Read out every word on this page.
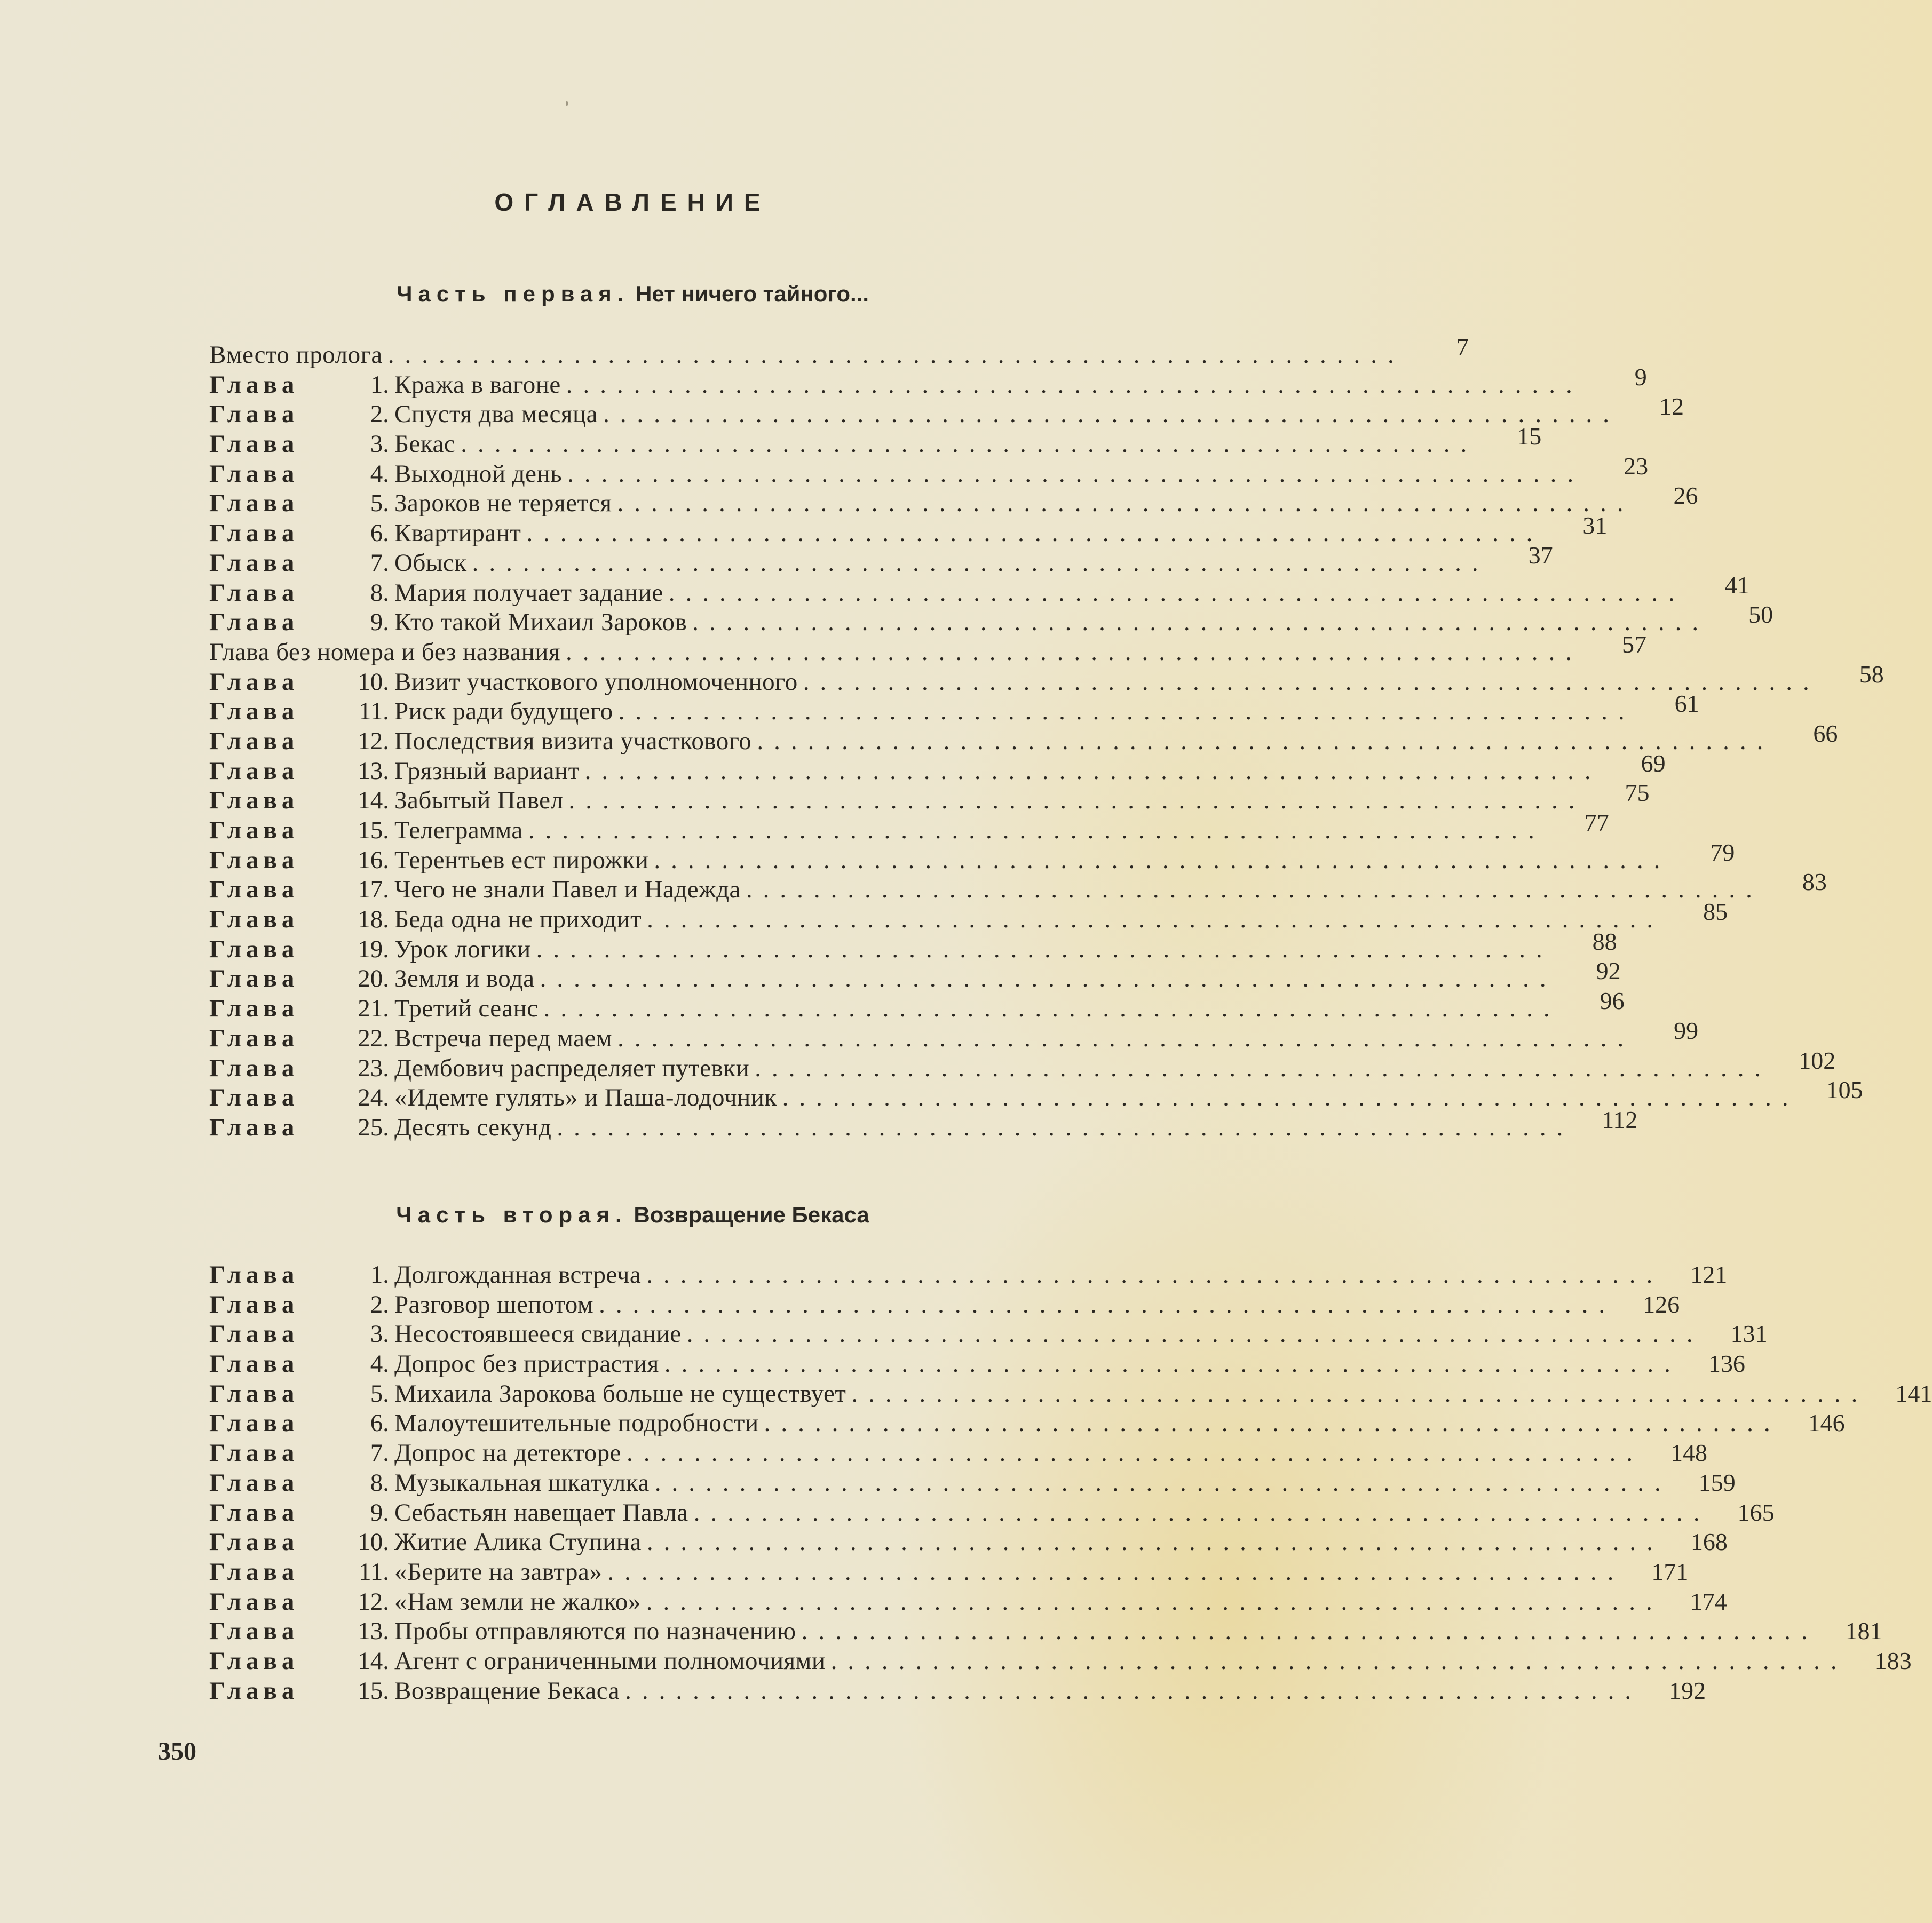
ОГЛАВЛЕНИЕ
Часть первая. Нет ничего тайного...
Вместо пролога ............................................................	7
Глава	1. Кража в вагоне ............................................................	9
Глава	2. Спустя два месяца ............................................................	12
Глава	3. Бекас ............................................................	15
Глава	4. Выходной день ............................................................	23
Глава	5. Зароков не теряется ............................................................	26
Глава	6. Квартирант ............................................................	31
Глава	7. Обыск ............................................................	37
Глава	8. Мария получает задание ............................................................	41
Глава	9. Кто такой Михаил Зароков ............................................................	50
Глава без номера и без названия ............................................................	57
Глава	10. Визит участкового уполномоченного ............................................................	58
Глава	11. Риск ради будущего ............................................................	61
Глава	12. Последствия визита участкового ............................................................	66
Глава	13. Грязный вариант ............................................................	69
Глава	14. Забытый Павел ............................................................	75
Глава	15. Телеграмма ............................................................	77
Глава	16. Терентьев ест пирожки ............................................................	79
Глава	17. Чего не знали Павел и Надежда ............................................................	83
Глава	18. Беда одна не приходит ............................................................	85
Глава	19. Урок логики ............................................................	88
Глава	20. Земля и вода ............................................................	92
Глава	21. Третий сеанс ............................................................	96
Глава	22. Встреча перед маем ............................................................	99
Глава	23. Дембович распределяет путевки ............................................................	102
Глава	24. «Идемте гулять» и Паша-лодочник ............................................................	105
Глава	25. Десять секунд ............................................................	112
Часть вторая. Возвращение Бекаса
Глава	1. Долгожданная встреча ............................................................	121
Глава	2. Разговор шепотом ............................................................	126
Глава	3. Несостоявшееся свидание ............................................................	131
Глава	4. Допрос без пристрастия ............................................................	136
Глава	5. Михаила Зарокова больше не существует ............................................................	141
Глава	6. Малоутешительные подробности ............................................................	146
Глава	7. Допрос на детекторе ............................................................	148
Глава	8. Музыкальная шкатулка ............................................................	159
Глава	9. Себастьян навещает Павла ............................................................	165
Глава	10. Житие Алика Ступина ............................................................	168
Глава	11. «Берите на завтра» ............................................................	171
Глава	12. «Нам земли не жалко» ............................................................	174
Глава	13. Пробы отправляются по назначению ............................................................	181
Глава	14. Агент с ограниченными полномочиями ............................................................	183
Глава	15. Возвращение Бекаса ............................................................	192
350
